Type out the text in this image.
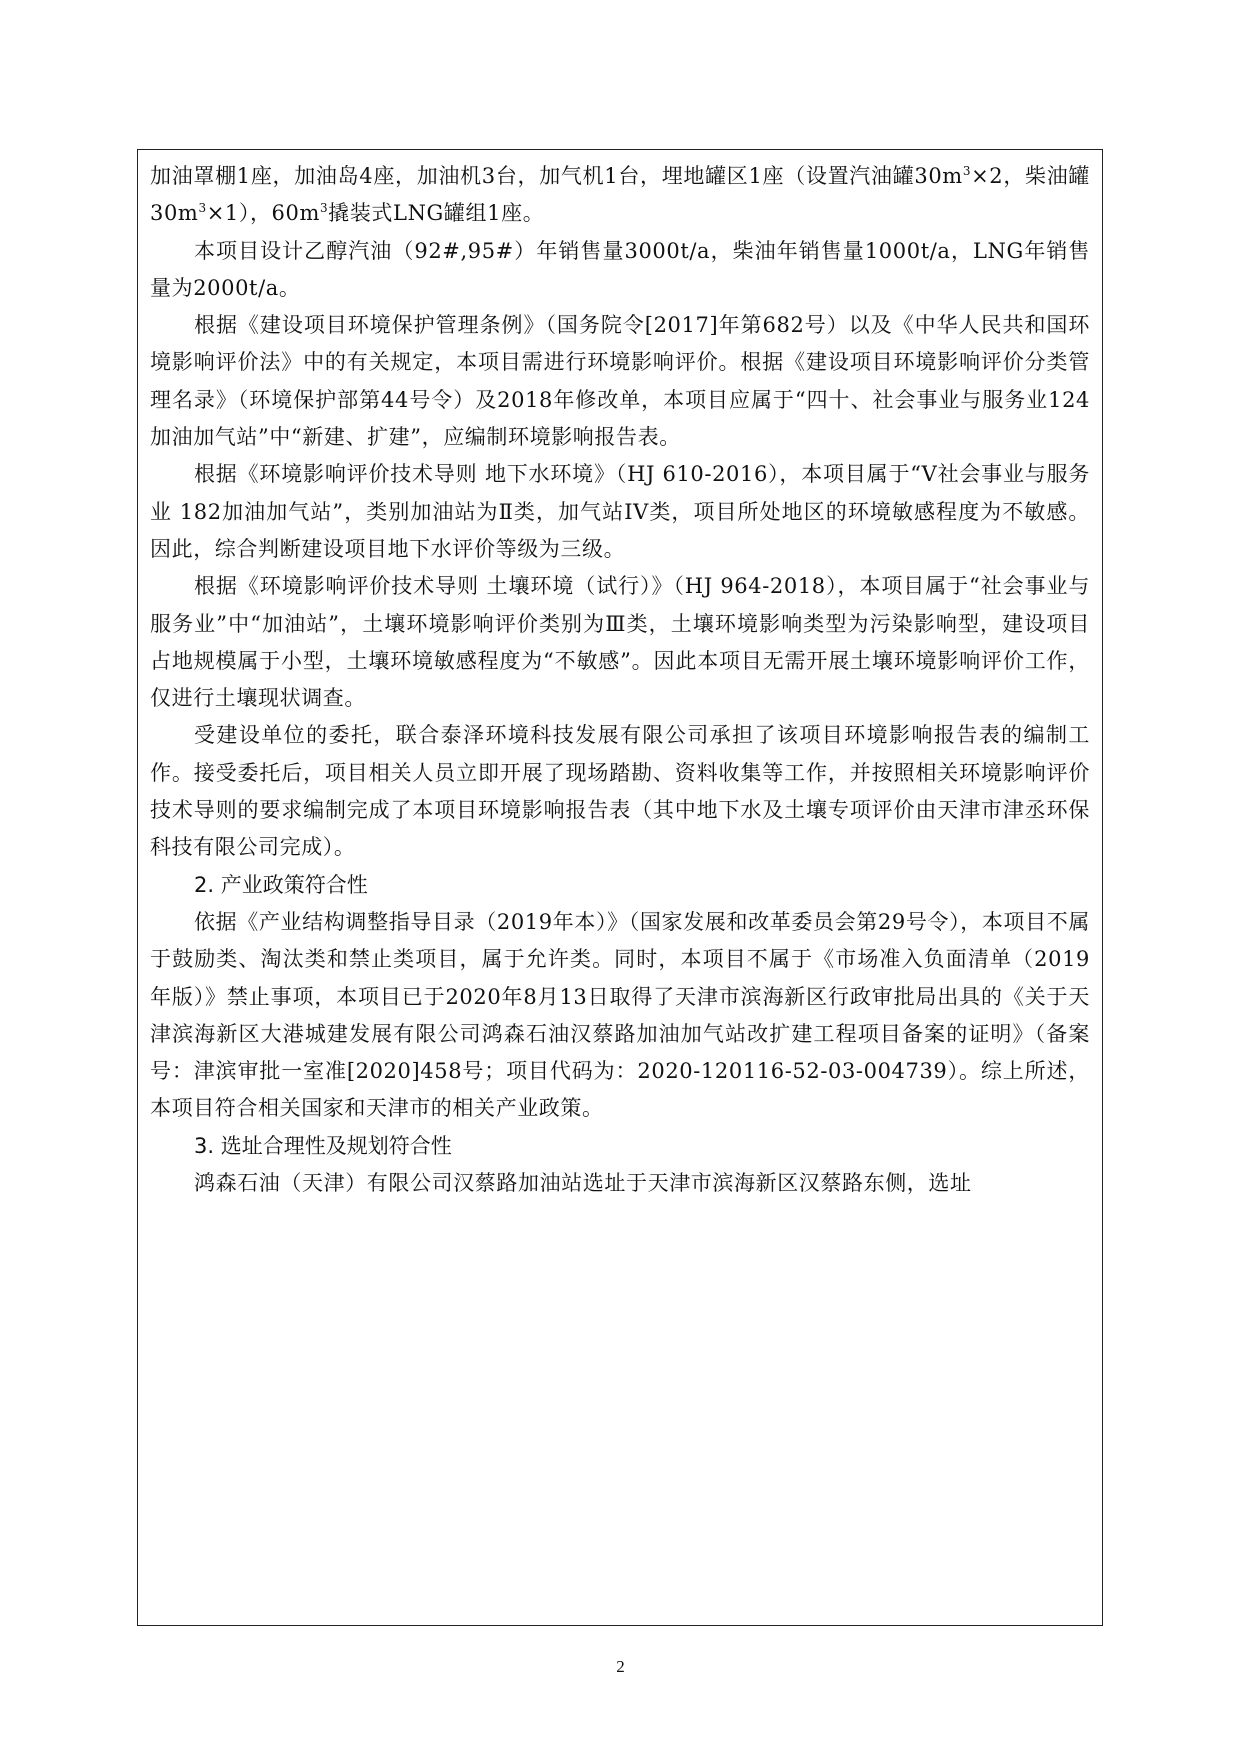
加油罩棚1座，加油岛4座，加油机3台，加气机1台，埋地罐区1座（设置汽油罐$30m^3\times 2$，柴油罐$30m^3\times 1$），$60m^3$撬装式LNG罐组1座。

本项目设计乙醇汽油（92#,95#）年销售量3000t/a，柴油年销售量1000t/a，LNG年销售量为2000t/a。

根据《建设项目环境保护管理条例》（国务院令[2017]年第682号）以及《中华人民共和国环境影响评价法》中的有关规定，本项目需进行环境影响评价。根据《建设项目环境影响评价分类管理名录》（环境保护部第44号令）及2018年修改单，本项目应属于“四十、社会事业与服务业124加油加气站”中“新建、扩建”，应编制环境影响报告表。

根据《环境影响评价技术导则 地下水环境》（HJ 610-2016），本项目属于“V社会事业与服务业 182加油加气站”，类别加油站为Ⅱ类，加气站IV类，项目所处地区的环境敏感程度为不敏感。因此，综合判断建设项目地下水评价等级为三级。

根据《环境影响评价技术导则 土壤环境（试行）》（HJ 964-2018），本项目属于“社会事业与服务业”中“加油站”，土壤环境影响评价类别为Ⅲ类，土壤环境影响类型为污染影响型，建设项目占地规模属于小型，土壤环境敏感程度为“不敏感”。因此本项目无需开展土壤环境影响评价工作，仅进行土壤现状调查。

受建设单位的委托，联合泰泽环境科技发展有限公司承担了该项目环境影响报告表的编制工作。接受委托后，项目相关人员立即开展了现场踏勘、资料收集等工作，并按照相关环境影响评价技术导则的要求编制完成了本项目环境影响报告表（其中地下水及土壤专项评价由天津市津丞环保科技有限公司完成）。

2. 产业政策符合性

依据《产业结构调整指导目录（2019年本）》（国家发展和改革委员会第29号令），本项目不属于鼓励类、淘汰类和禁止类项目，属于允许类。同时，本项目不属于《市场准入负面清单（2019年版）》禁止事项，本项目已于2020年8月13日取得了天津市滨海新区行政审批局出具的《关于天津滨海新区大港城建发展有限公司鸿森石油汉蔡路加油加气站改扩建工程项目备案的证明》（备案号：津滨审批一室准[2020]458号；项目代码为：2020-120116-52-03-004739）。综上所述，本项目符合相关国家和天津市的相关产业政策。

3. 选址合理性及规划符合性

鸿森石油（天津）有限公司汉蔡路加油站选址于天津市滨海新区汉蔡路东侧，选址

2
